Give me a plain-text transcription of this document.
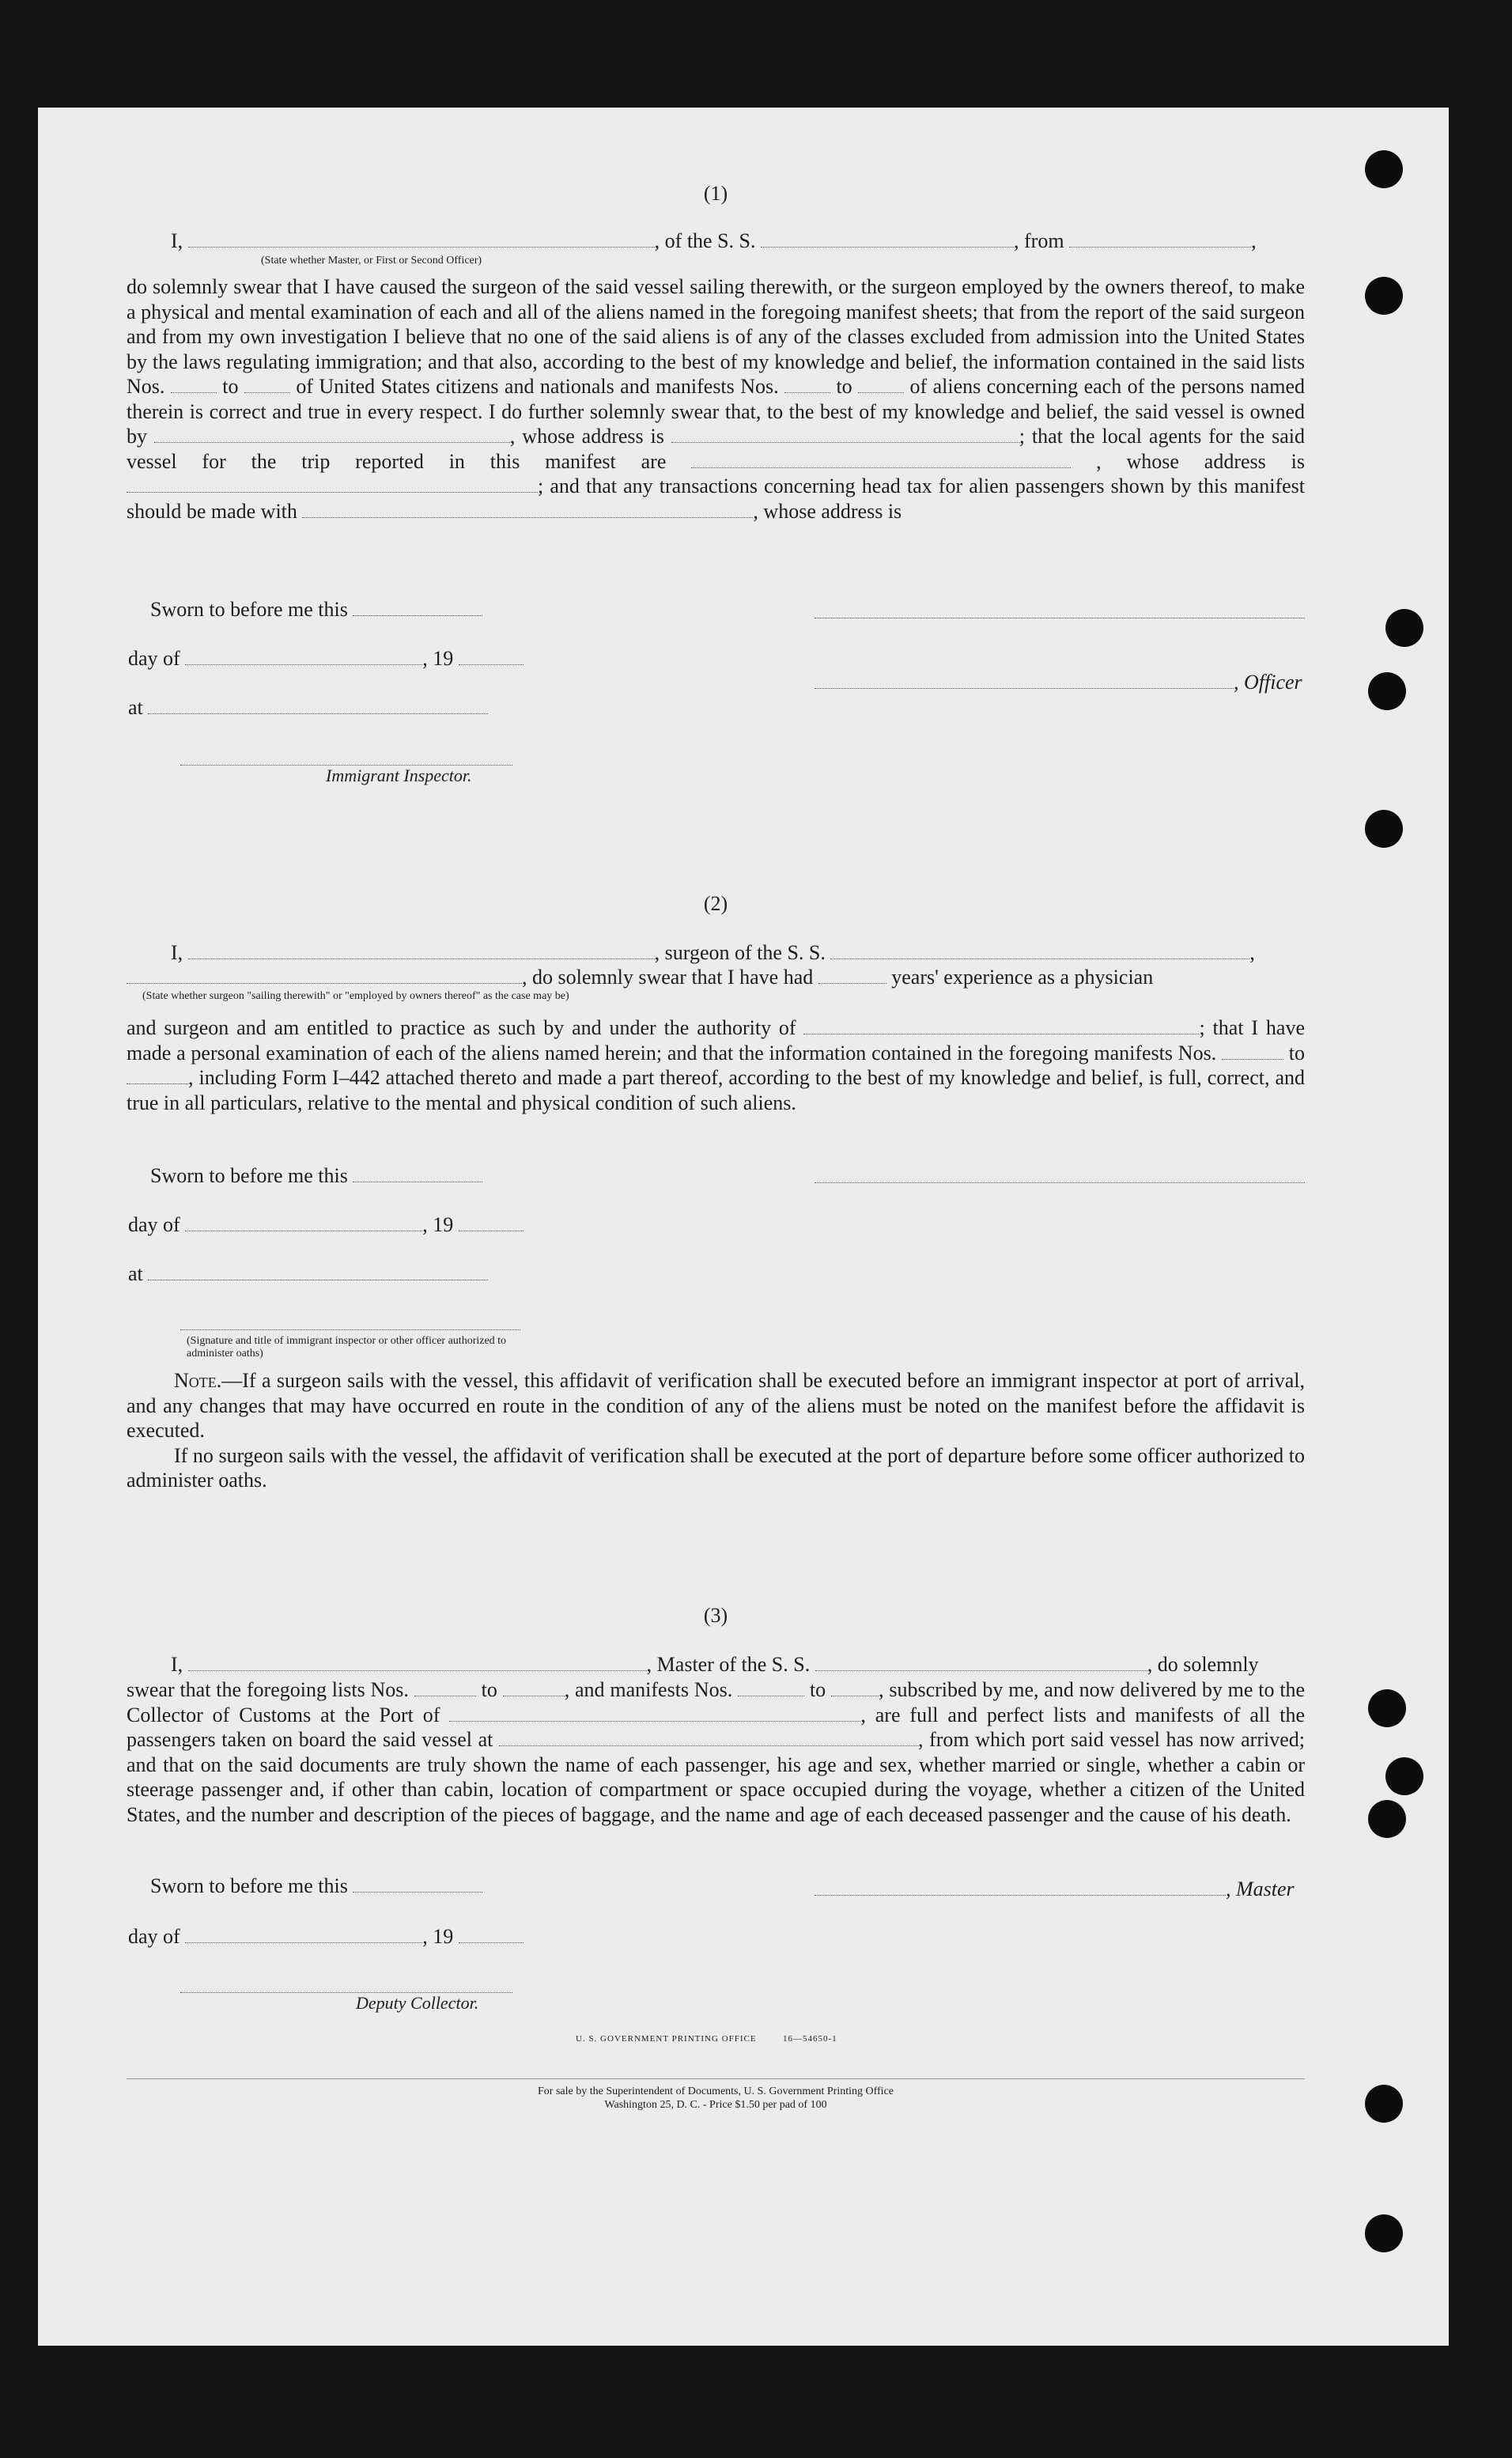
(1)
I,	, of the S. S.	, from	,
(State whether Master, or First or Second Officer)

do solemnly swear that I have caused the surgeon of the said vessel sailing therewith, or the surgeon employed by the owners thereof, to make a physical and mental examination of each and all of the aliens named in the foregoing manifest sheets; that from the report of the said surgeon and from my own investigation I believe that no one of the said aliens is of any of the classes excluded from admission into the United States by the laws regulating immigration; and that also, according to the best of my knowledge and belief, the information contained in the said lists Nos.	to	of United States citizens and nationals and manifests Nos.	to	of aliens concerning each of the persons named therein is correct and true in every respect. I do further solemnly swear that, to the best of my knowledge and belief, the said vessel is owned by	, whose address is	; that the local agents for the said vessel for the trip reported in this manifest are	, whose address is ; and that any transactions concerning head tax for alien passengers shown by this manifest should be made with	, whose address is

Sworn to before me this
day of	, 19
, Officer
at
Immigrant Inspector.
(2)
I,	, surgeon of the S. S.	,
, do solemnly swear that I have had	years' experience as a physician
(State whether surgeon "sailing therewith" or "employed by owners thereof" as the case may be)

and surgeon and am entitled to practice as such by and under the authority of	; that I have made a personal examination of each of the aliens named herein; and that the information contained in the foregoing manifests Nos.	to , including Form I–442 attached thereto and made a part thereof, according to the best of my knowledge and belief, is full, correct, and true in all particulars, relative to the mental and physical condition of such aliens.

Sworn to before me this
day of	, 19
at
(Signature and title of immigrant inspector or other officer authorized to administer oaths)

Note.—If a surgeon sails with the vessel, this affidavit of verification shall be executed before an immigrant inspector at port of arrival, and any changes that may have occurred en route in the condition of any of the aliens must be noted on the manifest before the affidavit is executed.

If no surgeon sails with the vessel, the affidavit of verification shall be executed at the port of departure before some officer authorized to administer oaths.

(3)
I,	, Master of the S. S.	, do solemnly

swear that the foregoing lists Nos.	to	, and manifests Nos.	to	, subscribed by me, and now delivered by me to the Collector of Customs at the Port of	, are full and perfect lists and manifests of all the passengers taken on board the said vessel at	, from which port said vessel has now arrived; and that on the said documents are truly shown the name of each passenger, his age and sex, whether married or single, whether a cabin or steerage passenger and, if other than cabin, location of compartment or space occupied during the voyage, whether a citizen of the United States, and the number and description of the pieces of baggage, and the name and age of each deceased passenger and the cause of his death.

Sworn to before me this	, Master
day of	, 19
Deputy Collector.
U. S. GOVERNMENT PRINTING OFFICE	16—54650-1
For sale by the Superintendent of Documents, U. S. Government Printing Office
Washington 25, D. C. - Price $1.50 per pad of 100
